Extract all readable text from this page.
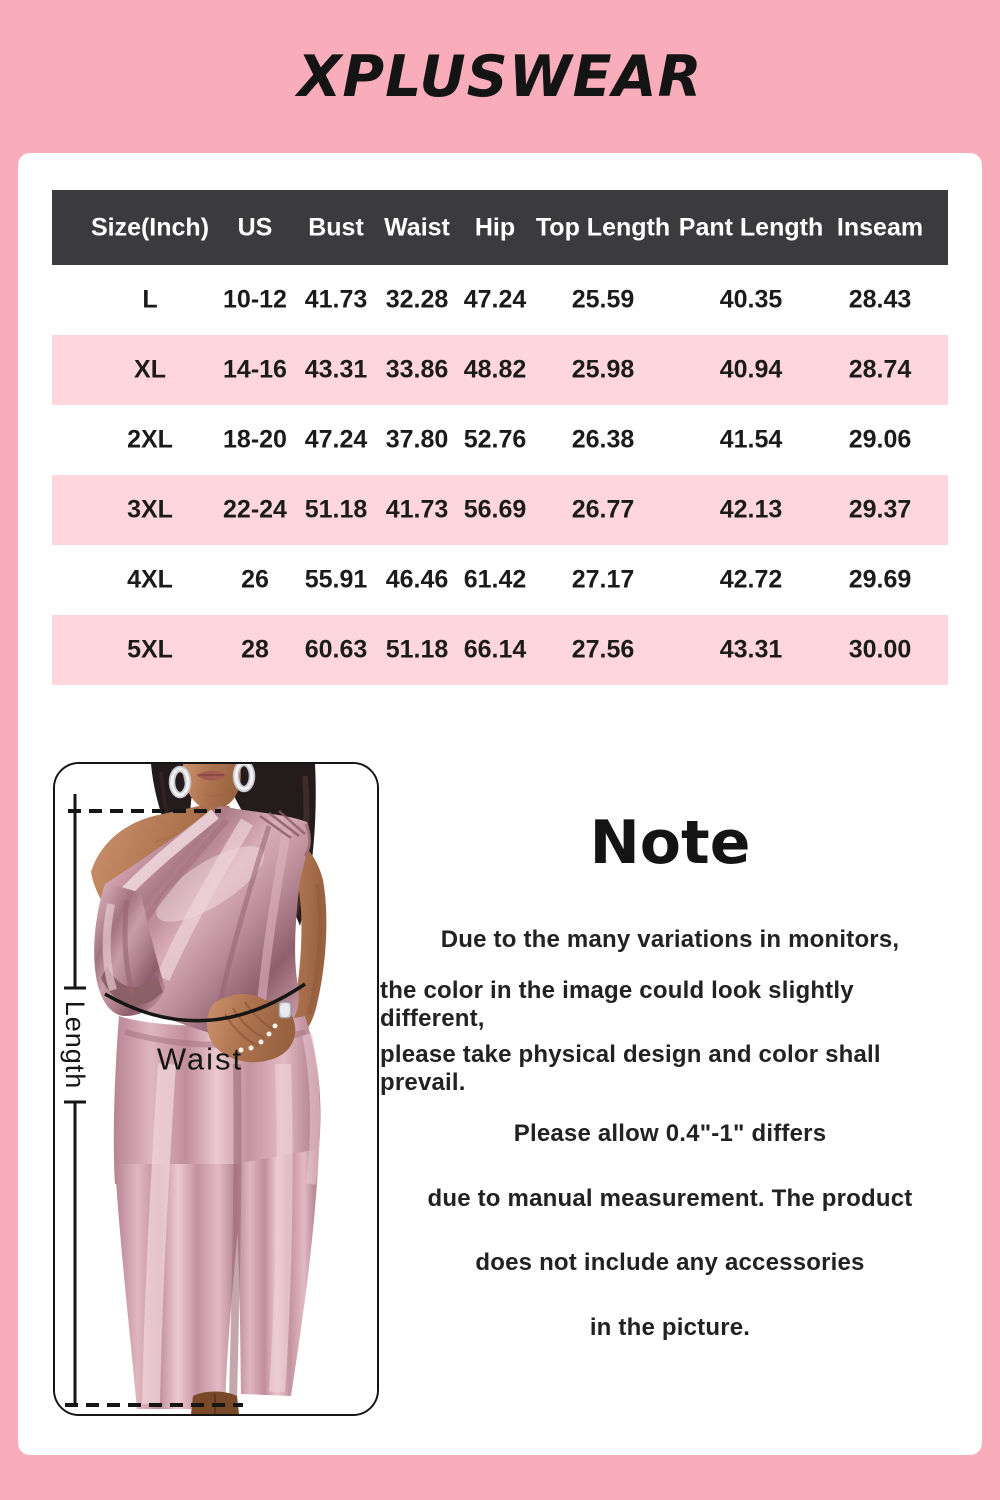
XPLUSWEAR
Size(Inch) US Bust Waist Hip Top Length Pant Length Inseam
L	10-12 41.73 32.28 47.24 25.59	40.35	28.43
XL 14-16 43.31 33.86 48.82 25.98	40.94	28.74
2XL 18-20 47.24 37.80 52.76 26.38	41.54	29.06
3XL 22-24 51.18 41.73 56.69 26.77	42.13	29.37
4XL	26 55.91 46.46 61.42 27.17	42.72	29.69
5XL	28 60.63 51.18 66.14 27.56	43.31	30.00
Length Waist
Note

Due to the many variations in monitors,

the color in the image could look slightly different,

please take physical design and color shall prevail.

Please allow 0.4"-1" differs

due to manual measurement. The product

does not include any accessories

in the picture.
